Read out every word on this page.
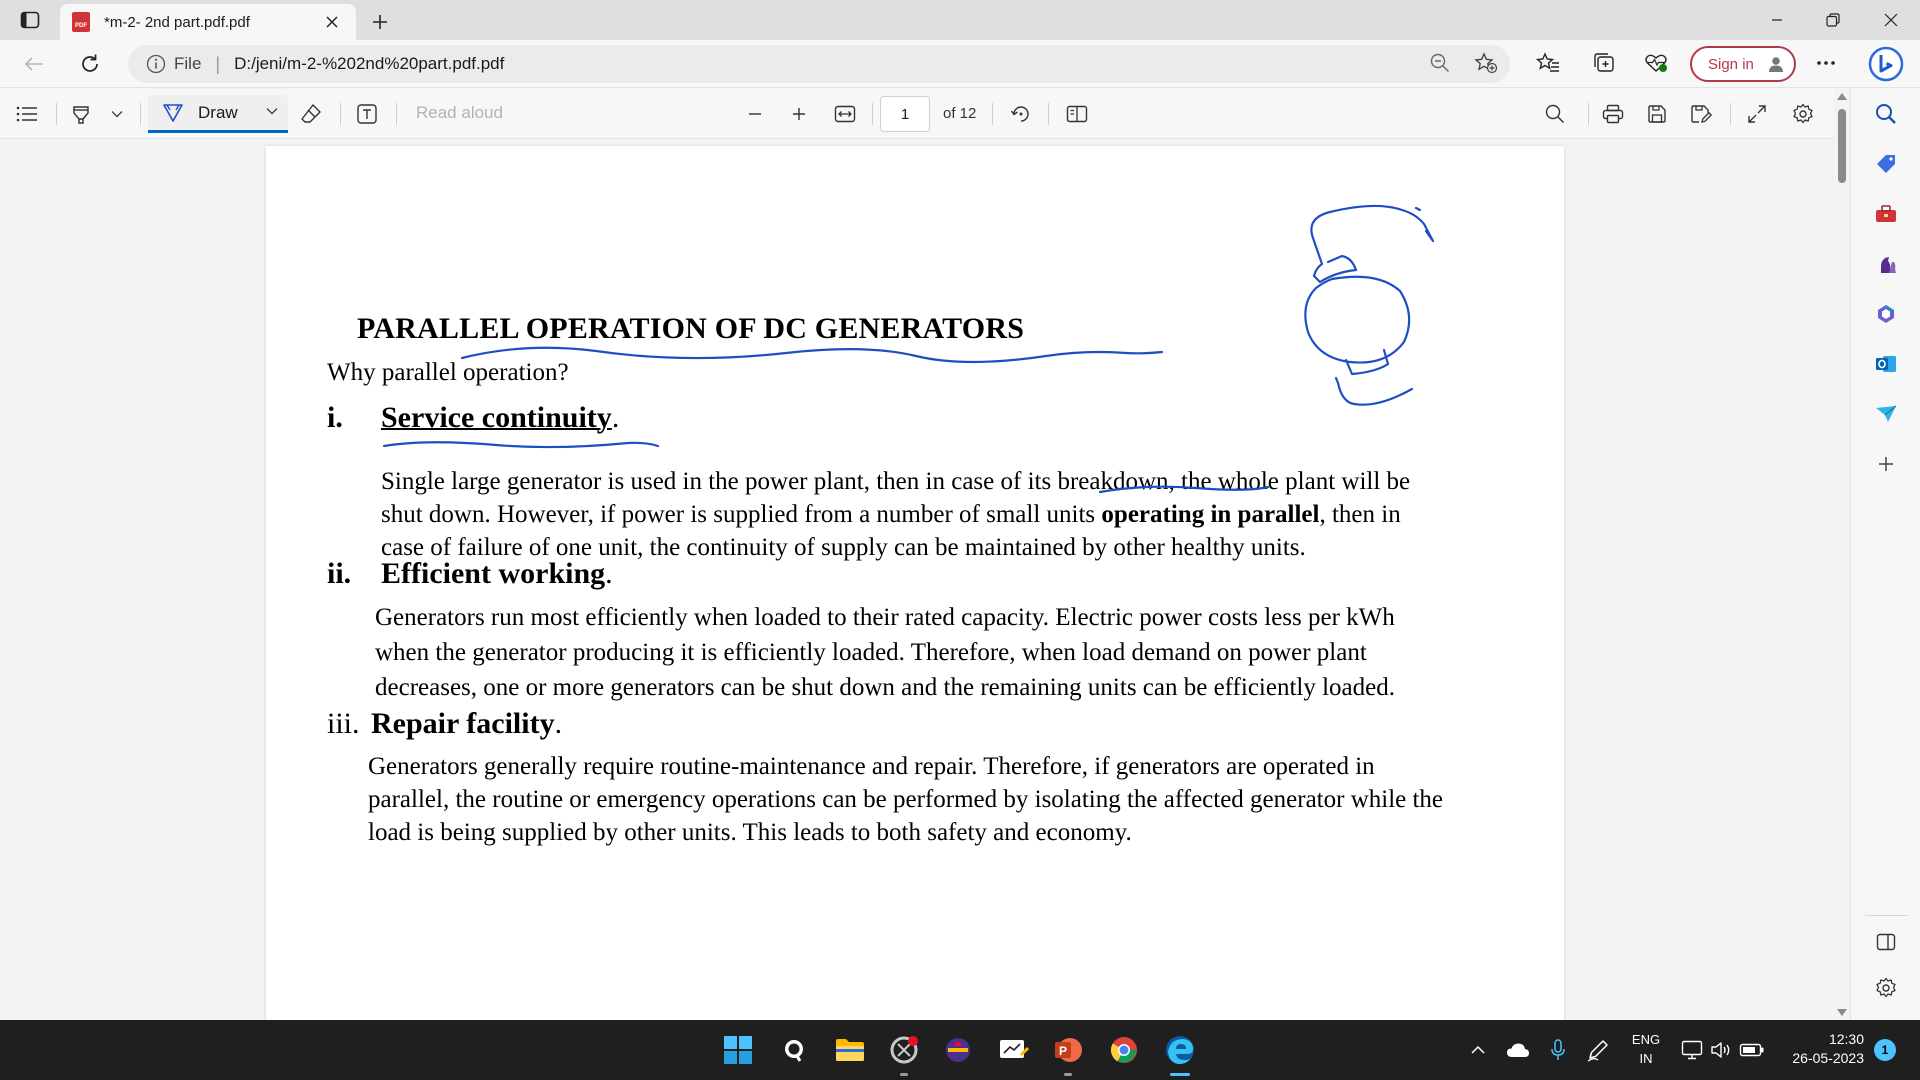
PDF *m-2- 2nd part.pdf.pdf
File | D:/jeni/m-2-%202nd%20part.pdf.pdf	Sign in
Draw	Read aloud
1	of 12
PARALLEL OPERATION OF DC GENERATORS
Why parallel operation?
i. Service continuity.
Single large generator is used in the power plant, then in case of its breakdown, the whole plant will be
shut down. However, if power is supplied from a number of small units operating in parallel, then in
case of failure of one unit, the continuity of supply can be maintained by other healthy units.
ii. Efficient working.
Generators run most efficiently when loaded to their rated capacity. Electric power costs less per kWh
when the generator producing it is efficiently loaded. Therefore, when load demand on power plant
decreases, one or more generators can be shut down and the remaining units can be efficiently loaded.
iii. Repair facility.
Generators generally require routine-maintenance and repair. Therefore, if generators are operated in
parallel, the routine or emergency operations can be performed by isolating the affected generator while the
load is being supplied by other units. This leads to both safety and economy.
P
ENG
IN
12:30
26-05-2023	1
